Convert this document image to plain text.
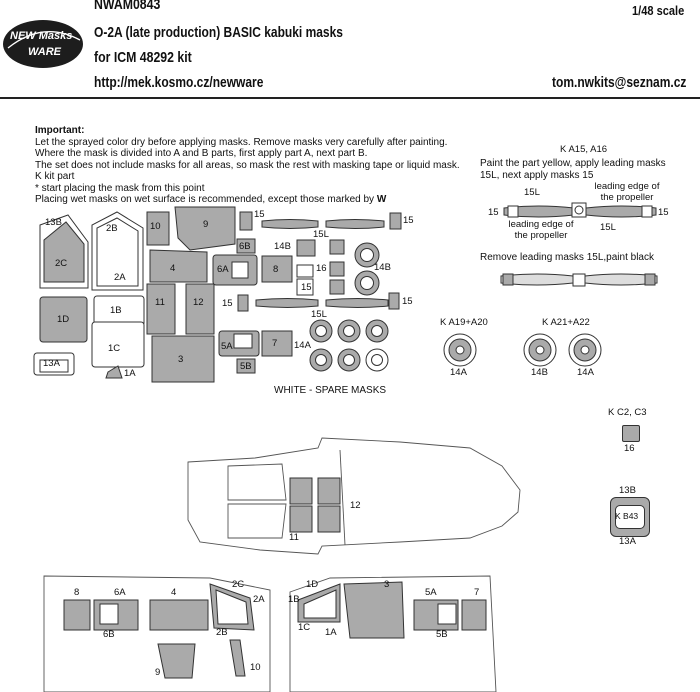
NEW Masks
WARE
NWAM0843	1/48 scale
O-2A (late production) BASIC kabuki masks
for ICM 48292 kit
http://mek.kosmo.cz/newware	tom.nwkits@seznam.cz
Important:
Let the sprayed color dry before applying masks. Remove masks very carefully after painting.
Where the mask is divided into A and B parts, first apply part A, next part B.
The set does not include masks for all areas, so mask the rest with masking tape or liquid mask.
K kit part
* start placing the mask from this point
Placing wet masks on wet surface is recommended, except those marked by W
13B
2B	10	9
15
15
6B 14B
15L
2C	4	6A	8	16	14B
2A
15
1D
1B
11	12 15	15
15L
1C	5A	7 14A
13A
1A
3
5B
WHITE - SPARE MASKS
K A15, A16
Paint the part yellow, apply leading masks 15L, next apply masks 15
15L
15	15
leading edge of the propeller
leading edge of the propeller
15L
Remove leading masks 15L,paint black
K A19+A20	K A21+A22
14A	14B	14A
K C2, C3
16
13B
K B43
13A
12
11
8	6A
6B
4
2C
2A
2B
9	10
1D
1B
1C 1A
3
5A
5B
7
